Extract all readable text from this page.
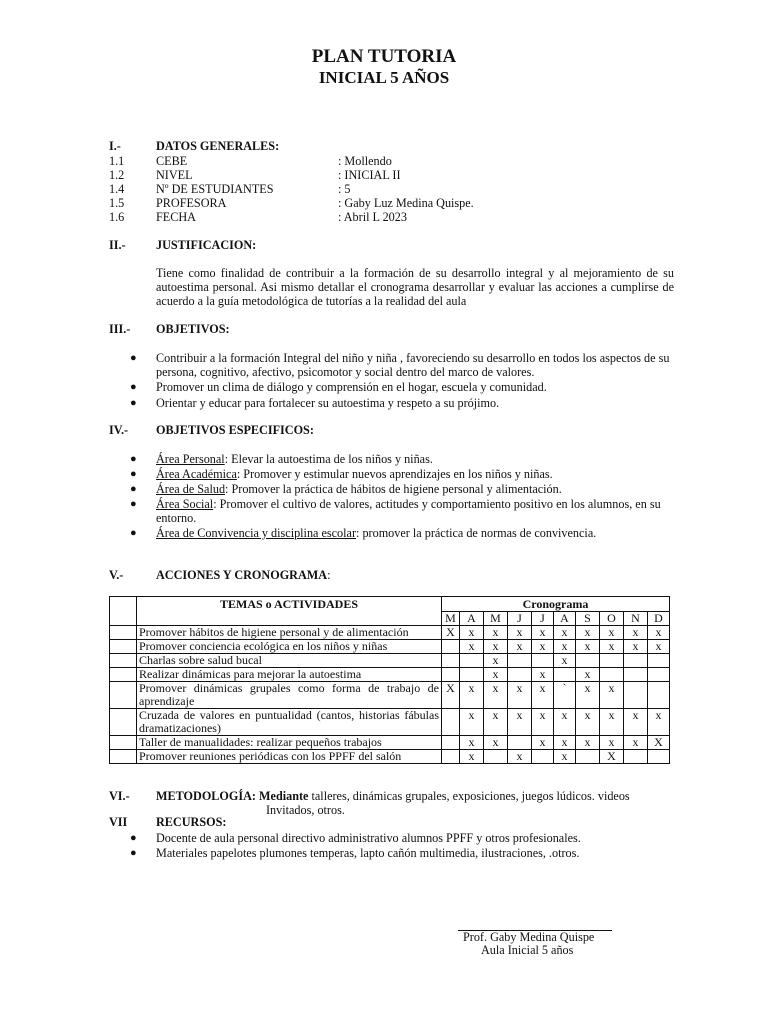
PLAN TUTORIA
INICIAL 5 AÑOS
I.-	DATOS GENERALES:
1.1	CEBE	: Mollendo
1.2	NIVEL	: INICIAL II
1.4	Nº DE ESTUDIANTES	: 5
1.5	PROFESORA	: Gaby Luz Medina Quispe.
1.6	FECHA	: Abril L 2023
II.- JUSTIFICACION:
Tiene como finalidad de contribuir a la formación de su desarrollo integral y al mejoramiento de su autoestima personal. Asi mismo detallar el cronograma desarrollar y evaluar las acciones a cumplirse de acuerdo a la guía metodológica de tutorías a la realidad del aula
III.- OBJETIVOS:
● Contribuir a la formación Integral del niño y niña , favoreciendo su desarrollo en todos los aspectos de su persona, cognitivo, afectivo, psicomotor y social dentro del marco de valores.
● Promover un clima de diálogo y comprensión en el hogar, escuela y comunidad.
● Orientar y educar para fortalecer su autoestima y respeto a su prójimo.
IV.- OBJETIVOS ESPECIFICOS:
● Área Personal: Elevar la autoestima de los niños y niñas.
● Área Académica: Promover y estimular nuevos aprendizajes en los niños y niñas.
● Área de Salud: Promover la práctica de hábitos de higiene personal y alimentación.
● Área Social: Promover el cultivo de valores, actitudes y comportamiento positivo en los alumnos, en su entorno.
● Área de Convivencia y disciplina escolar: promover la práctica de normas de convivencia.
V.-	ACCIONES Y CRONOGRAMA:
	TEMAS o ACTIVIDADES	Cronograma									
		M	A	M	J	J	A	S	O	N	D
	Promover hábitos de higiene personal y de alimentación	X	x	x	x	x	x	x	x	x	x
	Promover conciencia ecológica en los niños y niñas		x	x	x	x	x	x	x	x	x
	Charlas sobre salud bucal			x			x				
	Realizar dinámicas para mejorar la autoestima			x		x		x			
	Promover dinámicas grupales como forma de trabajo de aprendizaje	X	x	x	x	x	ˋ	x	x		
	Cruzada de valores en puntualidad (cantos, historias fábulas dramatizaciones)		x	x	x	x	x	x	x	x	x
	Taller de manualidades: realizar pequeños trabajos		x	x		x	x	x	x	x	X
	Promover reuniones periódicas con los PPFF del salón		x		x		x		X		
VI.- METODOLOGÍA: Mediante talleres, dinámicas grupales, exposiciones, juegos lúdicos. videos
Invitados, otros.
VII RECURSOS:
● Docente de aula personal directivo administrativo alumnos PPFF y otros profesionales.
● Materiales papelotes plumones temperas, lapto cañón multimedia, ilustraciones, .otros.
Prof. Gaby Medina Quispe
Aula Inicial 5 años
